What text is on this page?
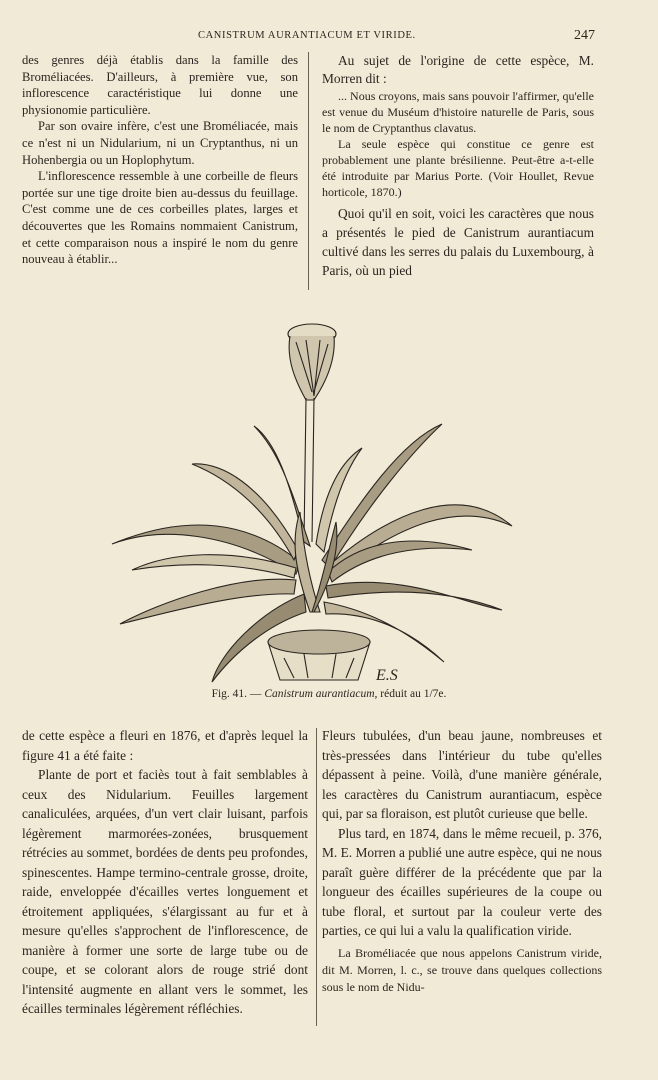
CANISTRUM AURANTIACUM ET VIRIDE.	247

des genres déjà établis dans la famille des Broméliacées. D'ailleurs, à première vue, son inflorescence caractéristique lui donne une physionomie particulière.

Par son ovaire infère, c'est une Broméliacée, mais ce n'est ni un Nidularium, ni un Cryptanthus, ni un Hohenbergia ou un Hoplophytum.

L'inflorescence ressemble à une corbeille de fleurs portée sur une tige droite bien au-dessus du feuillage. C'est comme une de ces corbeilles plates, larges et découvertes que les Romains nommaient Canistrum, et cette comparaison nous a inspiré le nom du genre nouveau à établir...

Au sujet de l'origine de cette espèce, M. Morren dit :

... Nous croyons, mais sans pouvoir l'affirmer, qu'elle est venue du Muséum d'histoire naturelle de Paris, sous le nom de Cryptanthus clavatus.

La seule espèce qui constitue ce genre est probablement une plante brésilienne. Peut-être a-t-elle été introduite par Marius Porte. (Voir Houllet, Revue horticole, 1870.)

Quoi qu'il en soit, voici les caractères que nous a présentés le pied de Canistrum aurantiacum cultivé dans les serres du palais du Luxembourg, à Paris, où un pied

E.S
Fig. 41. — Canistrum aurantiacum, réduit au 1/7e.

de cette espèce a fleuri en 1876, et d'après lequel la figure 41 a été faite :

Plante de port et faciès tout à fait semblables à ceux des Nidularium. Feuilles largement canaliculées, arquées, d'un vert clair luisant, parfois légèrement marmorées-zonées, brusquement rétrécies au sommet, bordées de dents peu profondes, spinescentes. Hampe termino-centrale grosse, droite, raide, enveloppée d'écailles vertes longuement et étroitement appliquées, s'élargissant au fur et à mesure qu'elles s'approchent de l'inflorescence, de manière à former une sorte de large tube ou de coupe, et se colorant alors de rouge strié dont l'intensité augmente en allant vers le sommet, les écailles terminales légèrement réfléchies.

Fleurs tubulées, d'un beau jaune, nombreuses et très-pressées dans l'intérieur du tube qu'elles dépassent à peine. Voilà, d'une manière générale, les caractères du Canistrum aurantiacum, espèce qui, par sa floraison, est plutôt curieuse que belle.

Plus tard, en 1874, dans le même recueil, p. 376, M. E. Morren a publié une autre espèce, qui ne nous paraît guère différer de la précédente que par la longueur des écailles supérieures de la coupe ou tube floral, et surtout par la couleur verte des parties, ce qui lui a valu la qualification viride.

La Broméliacée que nous appelons Canistrum viride, dit M. Morren, l. c., se trouve dans quelques collections sous le nom de Nidu-
